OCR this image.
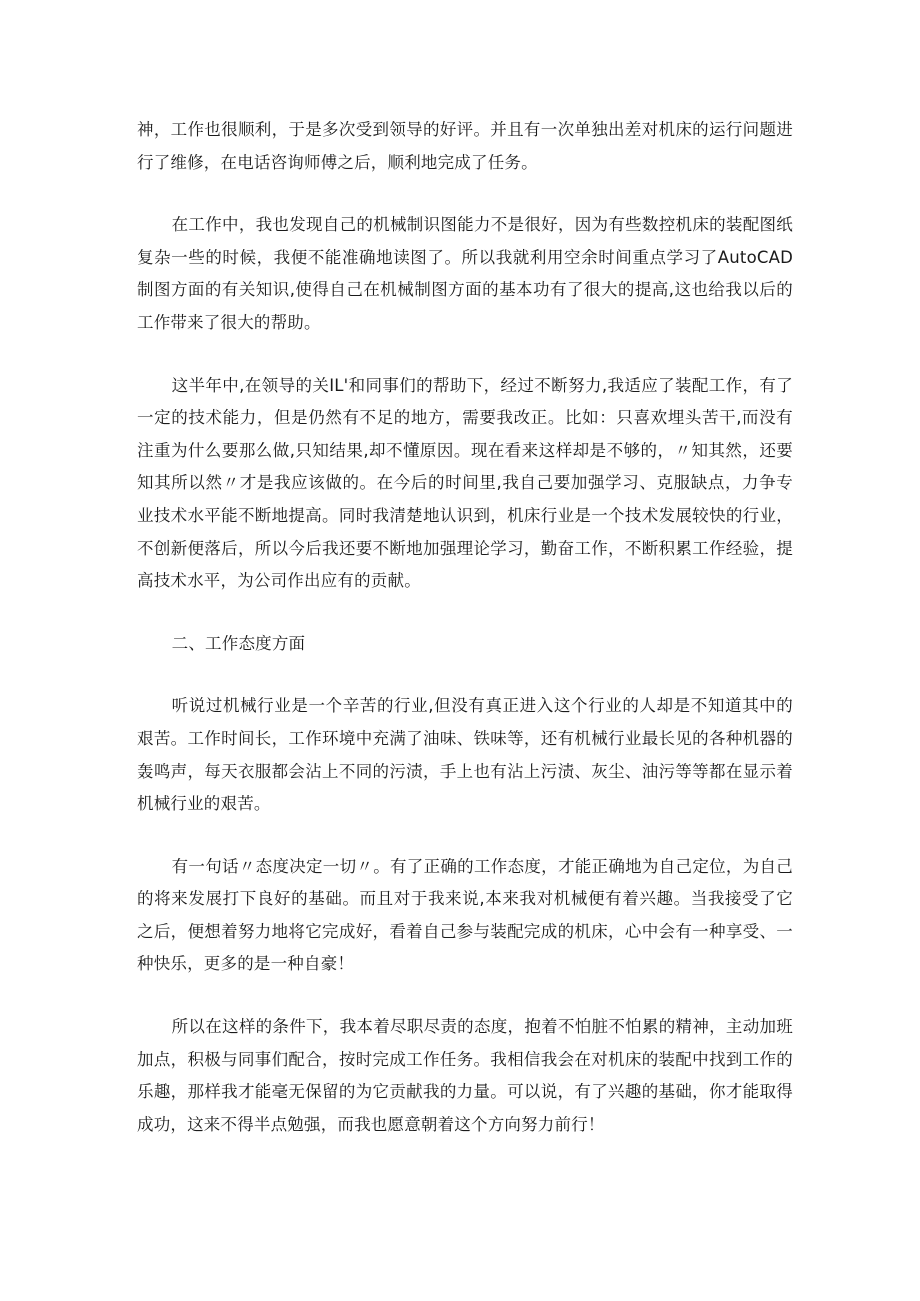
神，工作也很顺利，于是多次受到领导的好评。并且有一次单独出差对机床的运行问题进行了维修，在电话咨询师傅之后，顺利地完成了任务。

在工作中，我也发现自己的机械制识图能力不是很好，因为有些数控机床的装配图纸复杂一些的时候，我便不能准确地读图了。所以我就利用空余时间重点学习了AutoCAD制图方面的有关知识,使得自己在机械制图方面的基本功有了很大的提高,这也给我以后的工作带来了很大的帮助。

这半年中,在领导的关IL'和同事们的帮助下，经过不断努力,我适应了装配工作，有了一定的技术能力，但是仍然有不足的地方，需要我改正。比如：只喜欢埋头苦干,而没有注重为什么要那么做,只知结果,却不懂原因。现在看来这样却是不够的，〃知其然，还要知其所以然〃才是我应该做的。在今后的时间里,我自己要加强学习、克服缺点，力争专业技术水平能不断地提高。同时我清楚地认识到，机床行业是一个技术发展较快的行业，不创新便落后，所以今后我还要不断地加强理论学习，勤奋工作，不断积累工作经验，提高技术水平，为公司作出应有的贡献。

二、工作态度方面

听说过机械行业是一个辛苦的行业,但没有真正进入这个行业的人却是不知道其中的艰苦。工作时间长，工作环境中充满了油味、铁味等，还有机械行业最长见的各种机器的轰鸣声，每天衣服都会沾上不同的污渍，手上也有沾上污渍、灰尘、油污等等都在显示着机械行业的艰苦。

有一句话〃态度决定一切〃。有了正确的工作态度，才能正确地为自己定位，为自己的将来发展打下良好的基础。而且对于我来说,本来我对机械便有着兴趣。当我接受了它之后，便想着努力地将它完成好，看着自己参与装配完成的机床，心中会有一种享受、一种快乐，更多的是一种自豪！

所以在这样的条件下，我本着尽职尽责的态度，抱着不怕脏不怕累的精神，主动加班加点，积极与同事们配合，按时完成工作任务。我相信我会在对机床的装配中找到工作的乐趣，那样我才能毫无保留的为它贡献我的力量。可以说，有了兴趣的基础，你才能取得成功，这来不得半点勉强，而我也愿意朝着这个方向努力前行！
